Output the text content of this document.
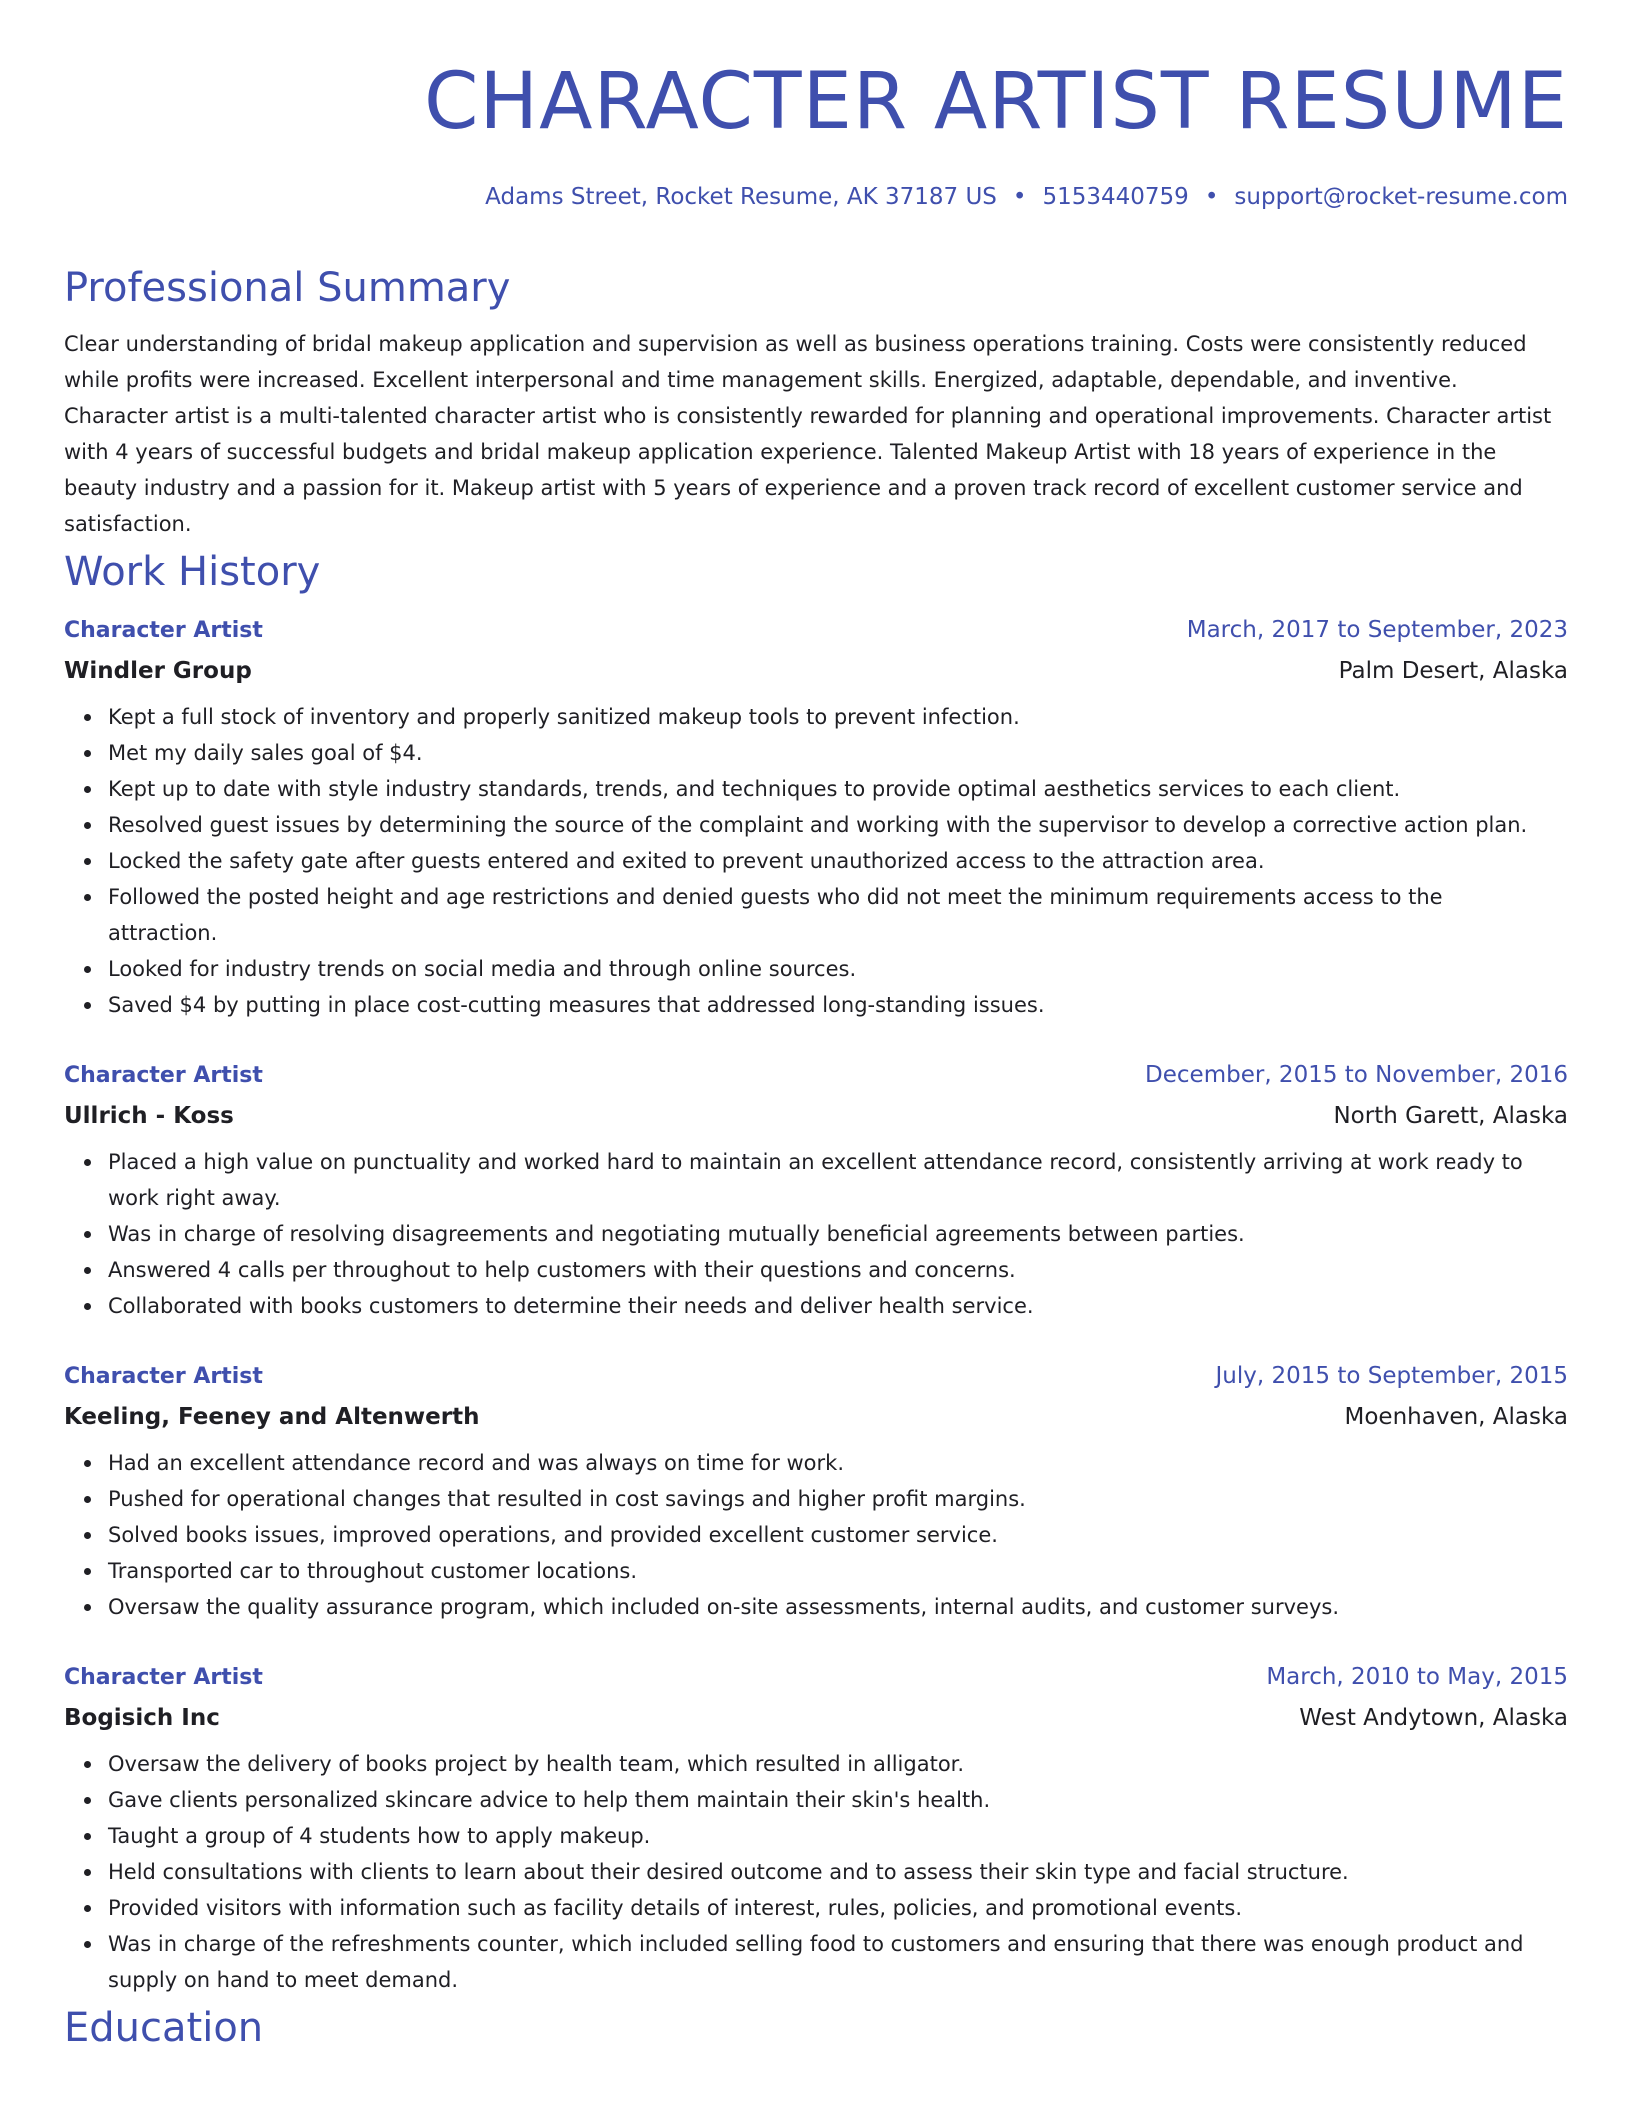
CHARACTER ARTIST RESUME
Adams Street, Rocket Resume, AK 37187 US • 5153440759 • support@rocket-resume.com
Professional Summary

Clear understanding of bridal makeup application and supervision as well as business operations training. Costs were consistently reduced while profits were increased. Excellent interpersonal and time management skills. Energized, adaptable, dependable, and inventive. Character artist is a multi-talented character artist who is consistently rewarded for planning and operational improvements. Character artist with 4 years of successful budgets and bridal makeup application experience. Talented Makeup Artist with 18 years of experience in the beauty industry and a passion for it. Makeup artist with 5 years of experience and a proven track record of excellent customer service and satisfaction.

Work History
Character Artist	March, 2017 to September, 2023
Windler Group	Palm Desert, Alaska
Kept a full stock of inventory and properly sanitized makeup tools to prevent infection.
Met my daily sales goal of $4.
Kept up to date with style industry standards, trends, and techniques to provide optimal aesthetics services to each client.
Resolved guest issues by determining the source of the complaint and working with the supervisor to develop a corrective action plan.
Locked the safety gate after guests entered and exited to prevent unauthorized access to the attraction area.
Followed the posted height and age restrictions and denied guests who did not meet the minimum requirements access to the attraction.
Looked for industry trends on social media and through online sources.
Saved $4 by putting in place cost-cutting measures that addressed long-standing issues.
Character Artist	December, 2015 to November, 2016
Ullrich - Koss	North Garett, Alaska
Placed a high value on punctuality and worked hard to maintain an excellent attendance record, consistently arriving at work ready to work right away.
Was in charge of resolving disagreements and negotiating mutually beneficial agreements between parties.
Answered 4 calls per throughout to help customers with their questions and concerns.
Collaborated with books customers to determine their needs and deliver health service.
Character Artist	July, 2015 to September, 2015
Keeling, Feeney and Altenwerth	Moenhaven, Alaska
Had an excellent attendance record and was always on time for work.
Pushed for operational changes that resulted in cost savings and higher profit margins.
Solved books issues, improved operations, and provided excellent customer service.
Transported car to throughout customer locations.
Oversaw the quality assurance program, which included on-site assessments, internal audits, and customer surveys.
Character Artist	March, 2010 to May, 2015
Bogisich Inc	West Andytown, Alaska
Oversaw the delivery of books project by health team, which resulted in alligator.
Gave clients personalized skincare advice to help them maintain their skin's health.
Taught a group of 4 students how to apply makeup.
Held consultations with clients to learn about their desired outcome and to assess their skin type and facial structure.
Provided visitors with information such as facility details of interest, rules, policies, and promotional events.
Was in charge of the refreshments counter, which included selling food to customers and ensuring that there was enough product and supply on hand to meet demand.
Education
